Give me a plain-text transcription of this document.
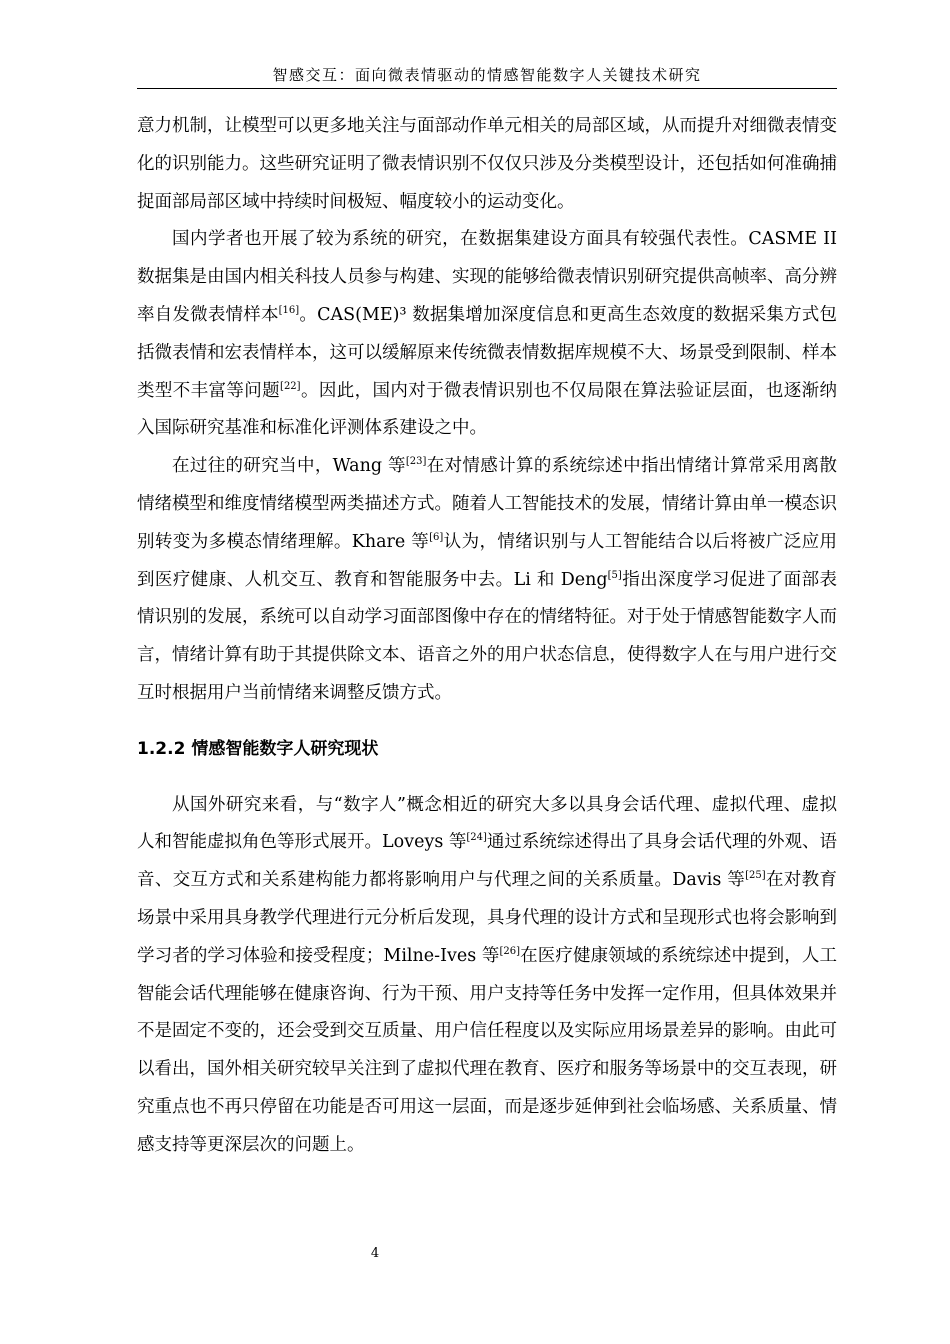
智感交互：面向微表情驱动的情感智能数字人关键技术研究

意力机制，让模型可以更多地关注与面部动作单元相关的局部区域，从而提升对细微表情变化的识别能力。这些研究证明了微表情识别不仅仅只涉及分类模型设计，还包括如何准确捕捉面部局部区域中持续时间极短、幅度较小的运动变化。

国内学者也开展了较为系统的研究，在数据集建设方面具有较强代表性。CASME II 数据集是由国内相关科技人员参与构建、实现的能够给微表情识别研究提供高帧率、高分辨率自发微表情样本[16]。CAS(ME)³ 数据集增加深度信息和更高生态效度的数据采集方式包括微表情和宏表情样本，这可以缓解原来传统微表情数据库规模不大、场景受到限制、样本类型不丰富等问题[22]。因此，国内对于微表情识别也不仅局限在算法验证层面，也逐渐纳入国际研究基准和标准化评测体系建设之中。

在过往的研究当中，Wang 等[23]在对情感计算的系统综述中指出情绪计算常采用离散情绪模型和维度情绪模型两类描述方式。随着人工智能技术的发展，情绪计算由单一模态识别转变为多模态情绪理解。Khare 等[6]认为，情绪识别与人工智能结合以后将被广泛应用到医疗健康、人机交互、教育和智能服务中去。Li 和 Deng[5]指出深度学习促进了面部表情识别的发展，系统可以自动学习面部图像中存在的情绪特征。对于处于情感智能数字人而言，情绪计算有助于其提供除文本、语音之外的用户状态信息，使得数字人在与用户进行交互时根据用户当前情绪来调整反馈方式。

1.2.2 情感智能数字人研究现状

从国外研究来看，与“数字人”概念相近的研究大多以具身会话代理、虚拟代理、虚拟人和智能虚拟角色等形式展开。Loveys 等[24]通过系统综述得出了具身会话代理的外观、语音、交互方式和关系建构能力都将影响用户与代理之间的关系质量。Davis 等[25]在对教育场景中采用具身教学代理进行元分析后发现，具身代理的设计方式和呈现形式也将会影响到学习者的学习体验和接受程度；Milne-Ives 等[26]在医疗健康领域的系统综述中提到，人工智能会话代理能够在健康咨询、行为干预、用户支持等任务中发挥一定作用，但具体效果并不是固定不变的，还会受到交互质量、用户信任程度以及实际应用场景差异的影响。由此可以看出，国外相关研究较早关注到了虚拟代理在教育、医疗和服务等场景中的交互表现，研究重点也不再只停留在功能是否可用这一层面，而是逐步延伸到社会临场感、关系质量、情感支持等更深层次的问题上。

4
